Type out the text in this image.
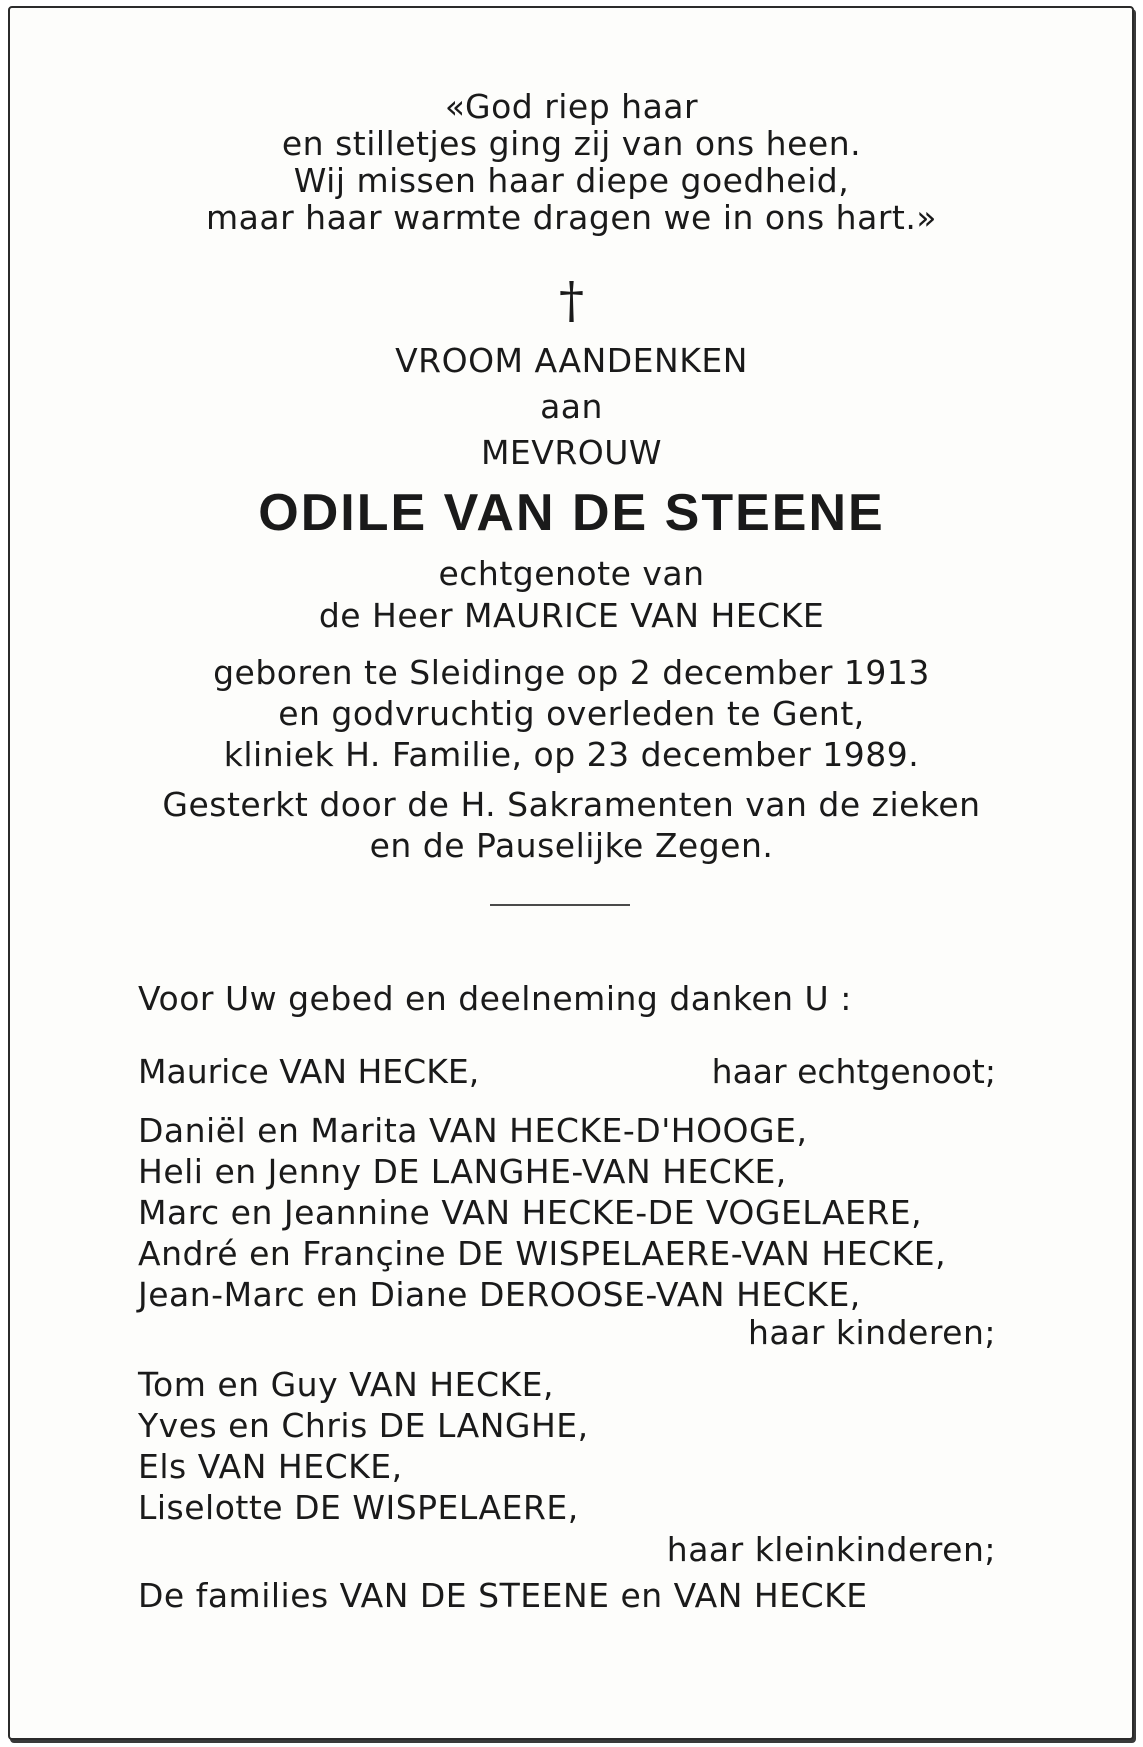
«God riep haar
en stilletjes ging zij van ons heen.
Wij missen haar diepe goedheid,
maar haar warmte dragen we in ons hart.»
†
VROOM AANDENKEN
aan
MEVROUW
ODILE VAN DE STEENE
echtgenote van
de Heer MAURICE VAN HECKE
geboren te Sleidinge op 2 december 1913
en godvruchtig overleden te Gent,
kliniek H. Familie, op 23 december 1989.
Gesterkt door de H. Sakramenten van de zieken
en de Pauselijke Zegen.
Voor Uw gebed en deelneming danken U :
Maurice VAN HECKE,	haar echtgenoot;
Daniël en Marita VAN HECKE-D'HOOGE,
Heli en Jenny DE LANGHE-VAN HECKE,
Marc en Jeannine VAN HECKE-DE VOGELAERE,
André en Françine DE WISPELAERE-VAN HECKE,
Jean-Marc en Diane DEROOSE-VAN HECKE,
haar kinderen;
Tom en Guy VAN HECKE,
Yves en Chris DE LANGHE,
Els VAN HECKE,
Liselotte DE WISPELAERE,
haar kleinkinderen;
De families VAN DE STEENE en VAN HECKE
